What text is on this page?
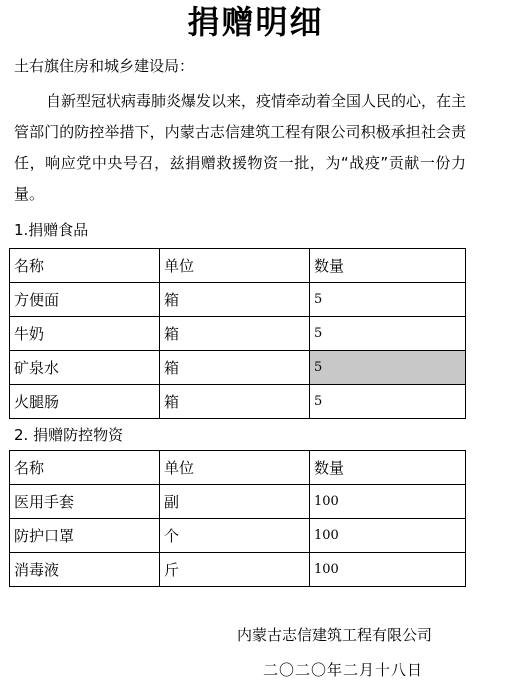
捐赠明细
土右旗住房和城乡建设局：
自新型冠状病毒肺炎爆发以来，疫情牵动着全国人民的心，在主管部门的防控举措下，内蒙古志信建筑工程有限公司积极承担社会责任，响应党中央号召，兹捐赠救援物资一批，为“战疫”贡献一份力量。
1.捐赠食品
名称	单位	数量
方便面	箱	5
牛奶	箱	5
矿泉水	箱	5
火腿肠	箱	5
2. 捐赠防控物资
名称	单位	数量
医用手套	副	100
防护口罩	个	100
消毒液	斤	100
内蒙古志信建筑工程有限公司
二〇二〇年二月十八日
